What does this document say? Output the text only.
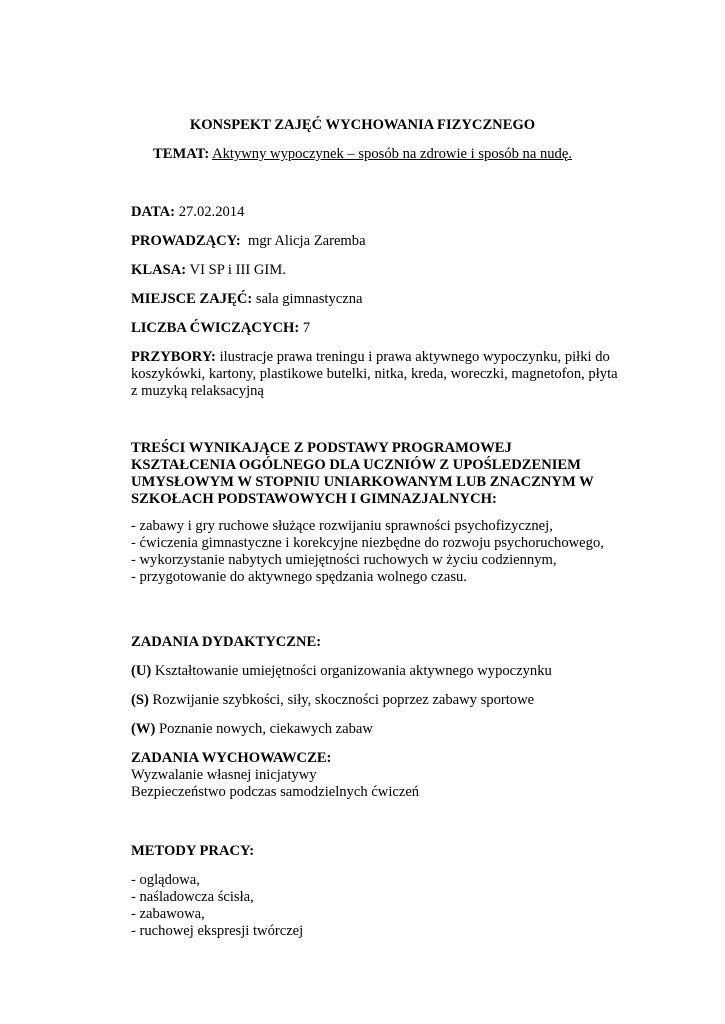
KONSPEKT ZAJĘĆ WYCHOWANIA FIZYCZNEGO
TEMAT: Aktywny wypoczynek – sposób na zdrowie i sposób na nudę.
DATA: 27.02.2014
PROWADZĄCY: mgr Alicja Zaremba
KLASA: VI SP i III GIM.
MIEJSCE ZAJĘĆ: sala gimnastyczna
LICZBA ĆWICZĄCYCH: 7
PRZYBORY: ilustracje prawa treningu i prawa aktywnego wypoczynku, piłki do koszykówki, kartony, plastikowe butelki, nitka, kreda, woreczki, magnetofon, płyta z muzyką relaksacyjną
TREŚCI WYNIKAJĄCE Z PODSTAWY PROGRAMOWEJ KSZTAŁCENIA OGÓLNEGO DLA UCZNIÓW Z UPOŚLEDZENIEM UMYSŁOWYM W STOPNIU UNIARKOWANYM LUB ZNACZNYM W SZKOŁACH PODSTAWOWYCH I GIMNAZJALNYCH:
- zabawy i gry ruchowe służące rozwijaniu sprawności psychofizycznej,
- ćwiczenia gimnastyczne i korekcyjne niezbędne do rozwoju psychoruchowego,
- wykorzystanie nabytych umiejętności ruchowych w życiu codziennym,
- przygotowanie do aktywnego spędzania wolnego czasu.
ZADANIA DYDAKTYCZNE:
(U) Kształtowanie umiejętności organizowania aktywnego wypoczynku
(S) Rozwijanie szybkości, siły, skoczności poprzez zabawy sportowe
(W) Poznanie nowych, ciekawych zabaw
ZADANIA WYCHOWAWCZE:
Wyzwalanie własnej inicjatywy
Bezpieczeństwo podczas samodzielnych ćwiczeń
METODY PRACY:
- oglądowa,
- naśladowcza ścisła,
- zabawowa,
- ruchowej ekspresji twórczej
